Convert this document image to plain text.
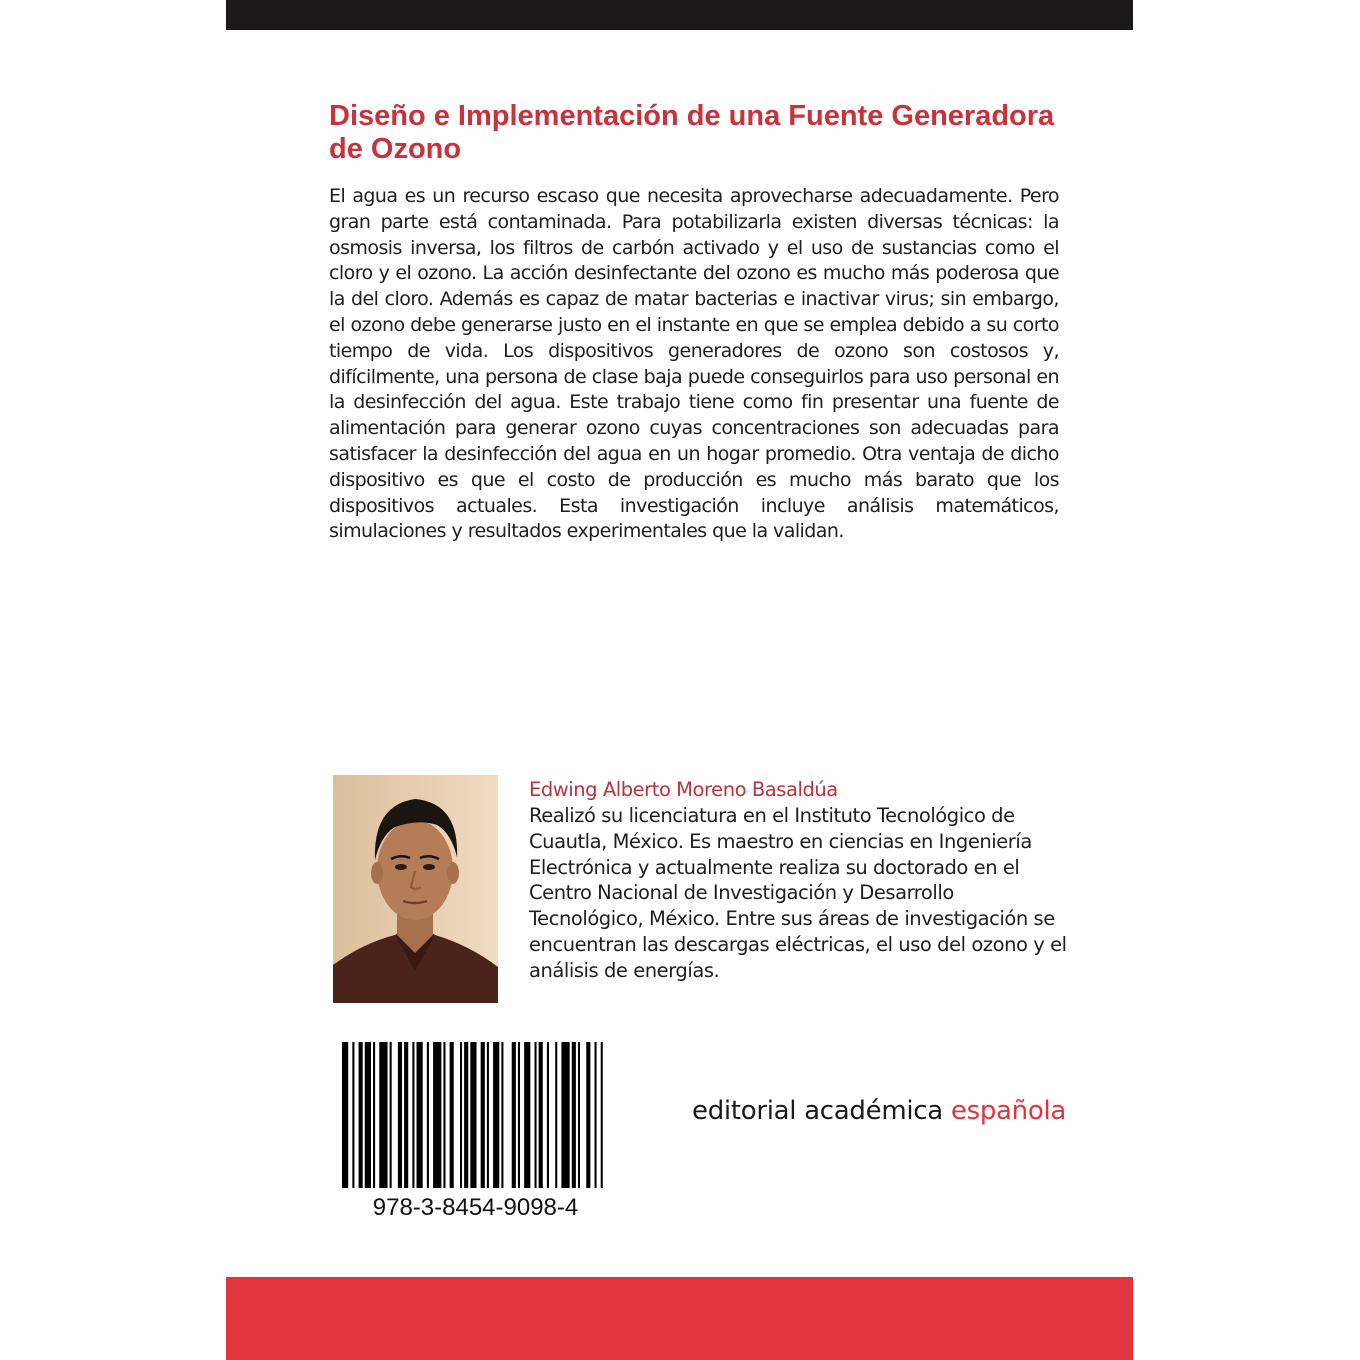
Diseño e Implementación de una Fuente Generadora de Ozono

El agua es un recurso escaso que necesita aprovecharse adecuadamente. Pero gran parte está contaminada. Para potabilizarla existen diversas técnicas: la osmosis inversa, los filtros de carbón activado y el uso de sustancias como el cloro y el ozono. La acción desinfectante del ozono es mucho más poderosa que la del cloro. Además es capaz de matar bacterias e inactivar virus; sin embargo, el ozono debe generarse justo en el instante en que se emplea debido a su corto tiempo de vida. Los dispositivos generadores de ozono son costosos y, difícilmente, una persona de clase baja puede conseguirlos para uso personal en la desinfección del agua. Este trabajo tiene como fin presentar una fuente de alimentación para generar ozono cuyas concentraciones son adecuadas para satisfacer la desinfección del agua en un hogar promedio. Otra ventaja de dicho dispositivo es que el costo de producción es mucho más barato que los dispositivos actuales. Esta investigación incluye análisis matemáticos, simulaciones y resultados experimentales que la validan.

Edwing Alberto Moreno Basaldúa

Realizó su licenciatura en el Instituto Tecnológico de Cuautla, México. Es maestro en ciencias en Ingeniería Electrónica y actualmente realiza su doctorado en el Centro Nacional de Investigación y Desarrollo Tecnológico, México. Entre sus áreas de investigación se encuentran las descargas eléctricas, el uso del ozono y el análisis de energías.

978-3-8454-9098-4

editorial académica española
